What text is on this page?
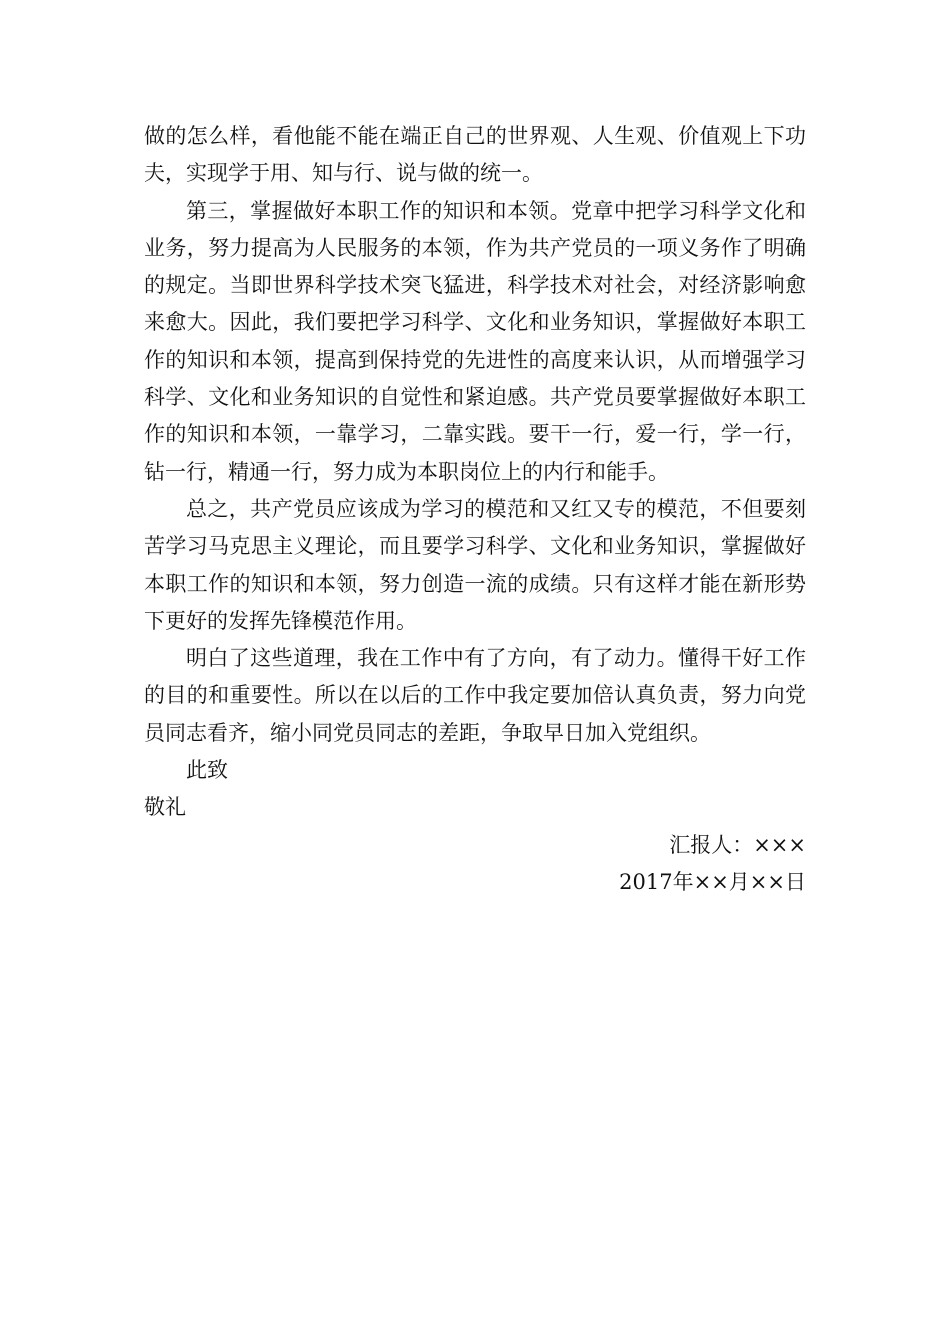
做的怎么样，看他能不能在端正自己的世界观、人生观、价值观上下功夫，实现学于用、知与行、说与做的统一。

第三，掌握做好本职工作的知识和本领。党章中把学习科学文化和业务，努力提高为人民服务的本领，作为共产党员的一项义务作了明确的规定。当即世界科学技术突飞猛进，科学技术对社会，对经济影响愈来愈大。因此，我们要把学习科学、文化和业务知识，掌握做好本职工作的知识和本领，提高到保持党的先进性的高度来认识，从而增强学习科学、文化和业务知识的自觉性和紧迫感。共产党员要掌握做好本职工作的知识和本领，一靠学习，二靠实践。要干一行，爱一行，学一行，钻一行，精通一行，努力成为本职岗位上的内行和能手。

总之，共产党员应该成为学习的模范和又红又专的模范，不但要刻苦学习马克思主义理论，而且要学习科学、文化和业务知识，掌握做好本职工作的知识和本领，努力创造一流的成绩。只有这样才能在新形势下更好的发挥先锋模范作用。

明白了这些道理，我在工作中有了方向，有了动力。懂得干好工作的目的和重要性。所以在以后的工作中我定要加倍认真负责，努力向党员同志看齐，缩小同党员同志的差距，争取早日加入党组织。

此致

敬礼

汇报人：×××

2017年××月××日
